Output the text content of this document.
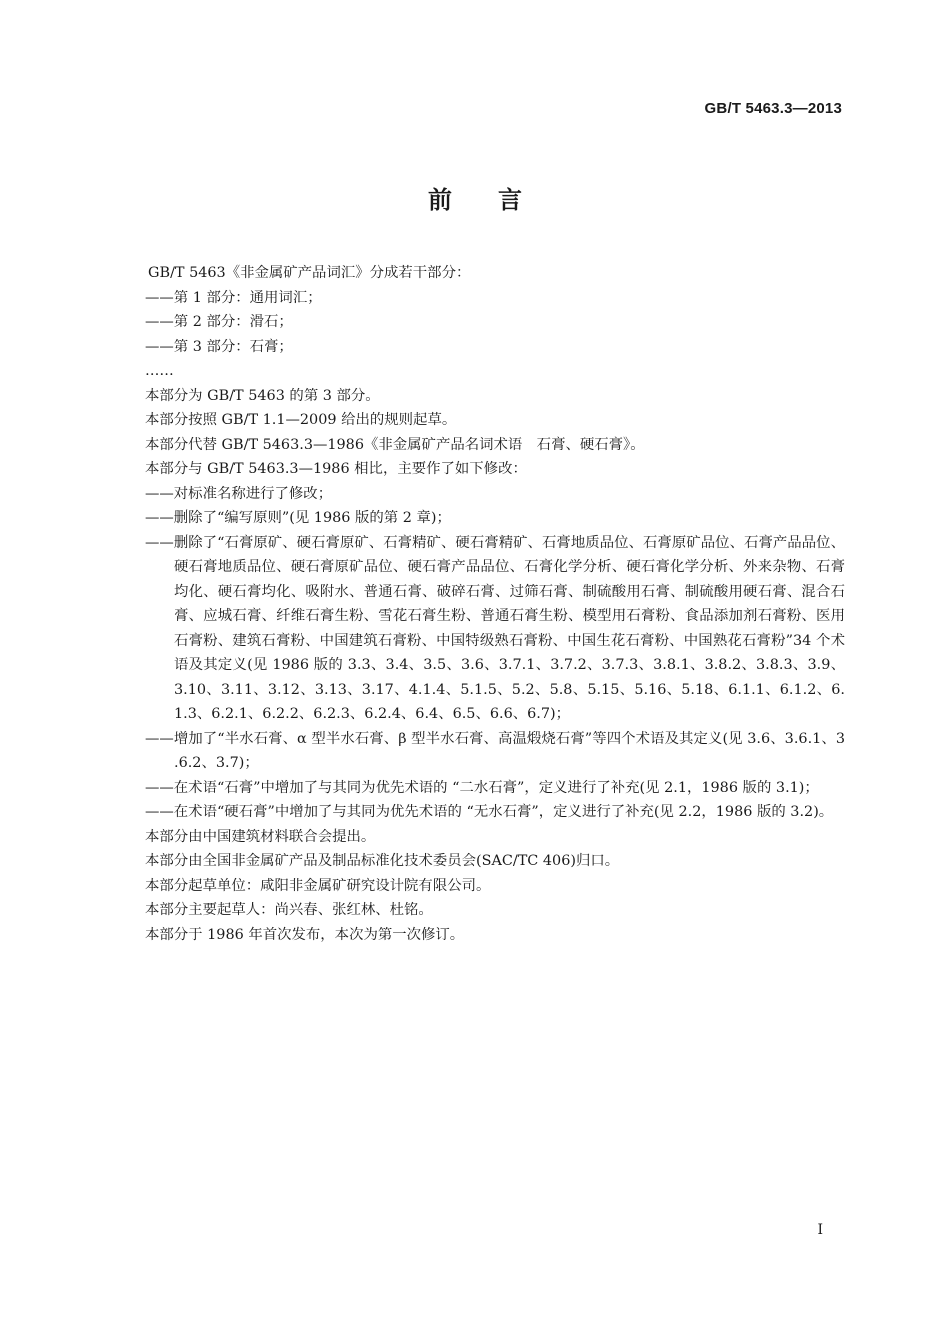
GB/T 5463.3—2013
前言

GB/T 5463《非金属矿产品词汇》分成若干部分：

——第 1 部分：通用词汇；

——第 2 部分：滑石；

——第 3 部分：石膏；

……

本部分为 GB/T 5463 的第 3 部分。

本部分按照 GB/T 1.1—2009 给出的规则起草。

本部分代替 GB/T 5463.3—1986《非金属矿产品名词术语　石膏、硬石膏》。

本部分与 GB/T 5463.3—1986 相比，主要作了如下修改：

——对标准名称进行了修改；

——删除了“编写原则”(见 1986 版的第 2 章)；

——删除了“石膏原矿、硬石膏原矿、石膏精矿、硬石膏精矿、石膏地质品位、石膏原矿品位、石膏产品品位、硬石膏地质品位、硬石膏原矿品位、硬石膏产品品位、石膏化学分析、硬石膏化学分析、外来杂物、石膏均化、硬石膏均化、吸附水、普通石膏、破碎石膏、过筛石膏、制硫酸用石膏、制硫酸用硬石膏、混合石膏、应城石膏、纤维石膏生粉、雪花石膏生粉、普通石膏生粉、模型用石膏粉、食品添加剂石膏粉、医用石膏粉、建筑石膏粉、中国建筑石膏粉、中国特级熟石膏粉、中国生花石膏粉、中国熟花石膏粉”34 个术语及其定义(见 1986 版的 3.3、3.4、3.5、3.6、3.7.1、3.7.2、3.7.3、3.8.1、3.8.2、3.8.3、3.9、3.10、3.11、3.12、3.13、3.17、4.1.4、5.1.5、5.2、5.8、5.15、5.16、5.18、6.1.1、6.1.2、6.1.3、6.2.1、6.2.2、6.2.3、6.2.4、6.4、6.5、6.6、6.7)；

——增加了“半水石膏、α 型半水石膏、β 型半水石膏、高温煅烧石膏”等四个术语及其定义(见 3.6、3.6.1、3.6.2、3.7)；

——在术语“石膏”中增加了与其同为优先术语的 “二水石膏”，定义进行了补充(见 2.1，1986 版的 3.1)；

——在术语“硬石膏”中增加了与其同为优先术语的 “无水石膏”，定义进行了补充(见 2.2，1986 版的 3.2)。

本部分由中国建筑材料联合会提出。

本部分由全国非金属矿产品及制品标准化技术委员会(SAC/TC 406)归口。

本部分起草单位：咸阳非金属矿研究设计院有限公司。

本部分主要起草人：尚兴春、张红林、杜铭。

本部分于 1986 年首次发布，本次为第一次修订。

I
